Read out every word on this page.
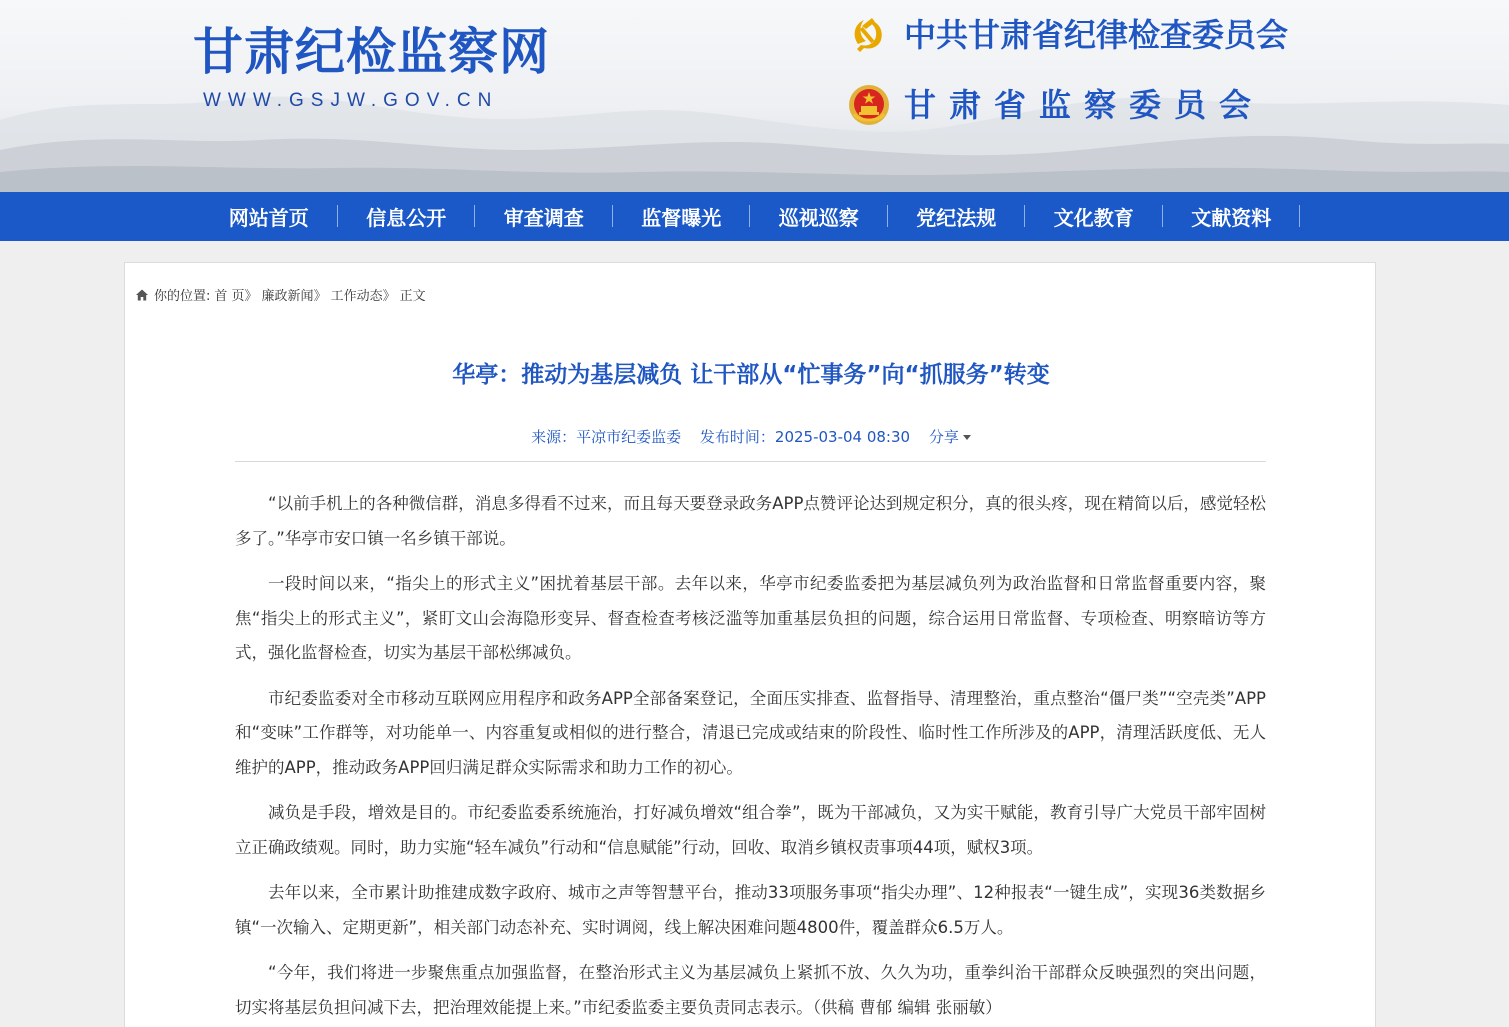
甘肃纪检监察网
WWW.GSJW.GOV.CN
中共甘肃省纪律检查委员会
甘肃省监察委员会
网站首页	信息公开	审查调查	监督曝光	巡视巡察	党纪法规	文化教育	文献资料
你的位置: 首 页 》 廉政新闻 》 工作动态 》 正文
华亭：推动为基层减负 让干部从“忙事务”向“抓服务”转变
来源：平凉市纪委监委 发布时间：2025-03-04 08:30 分享

“以前手机上的各种微信群，消息多得看不过来，而且每天要登录政务APP点赞评论达到规定积分，真的很头疼，现在精简以后，感觉轻松多了。”华亭市安口镇一名乡镇干部说。

一段时间以来，“指尖上的形式主义”困扰着基层干部。去年以来，华亭市纪委监委把为基层减负列为政治监督和日常监督重要内容，聚焦“指尖上的形式主义”，紧盯文山会海隐形变异、督查检查考核泛滥等加重基层负担的问题，综合运用日常监督、专项检查、明察暗访等方式，强化监督检查，切实为基层干部松绑减负。

市纪委监委对全市移动互联网应用程序和政务APP全部备案登记，全面压实排查、监督指导、清理整治，重点整治“僵尸类”“空壳类”APP和“变味”工作群等，对功能单一、内容重复或相似的进行整合，清退已完成或结束的阶段性、临时性工作所涉及的APP，清理活跃度低、无人维护的APP，推动政务APP回归满足群众实际需求和助力工作的初心。

减负是手段，增效是目的。市纪委监委系统施治，打好减负增效“组合拳”，既为干部减负，又为实干赋能，教育引导广大党员干部牢固树立正确政绩观。同时，助力实施“轻车减负”行动和“信息赋能”行动，回收、取消乡镇权责事项44项，赋权3项。

去年以来，全市累计助推建成数字政府、城市之声等智慧平台，推动33项服务事项“指尖办理”、12种报表“一键生成”，实现36类数据乡镇“一次输入、定期更新”，相关部门动态补充、实时调阅，线上解决困难问题4800件，覆盖群众6.5万人。

“今年，我们将进一步聚焦重点加强监督，在整治形式主义为基层减负上紧抓不放、久久为功，重拳纠治干部群众反映强烈的突出问题，切实将基层负担问减下去，把治理效能提上来。”市纪委监委主要负责同志表示。（供稿 曹郁 编辑 张丽敏）
